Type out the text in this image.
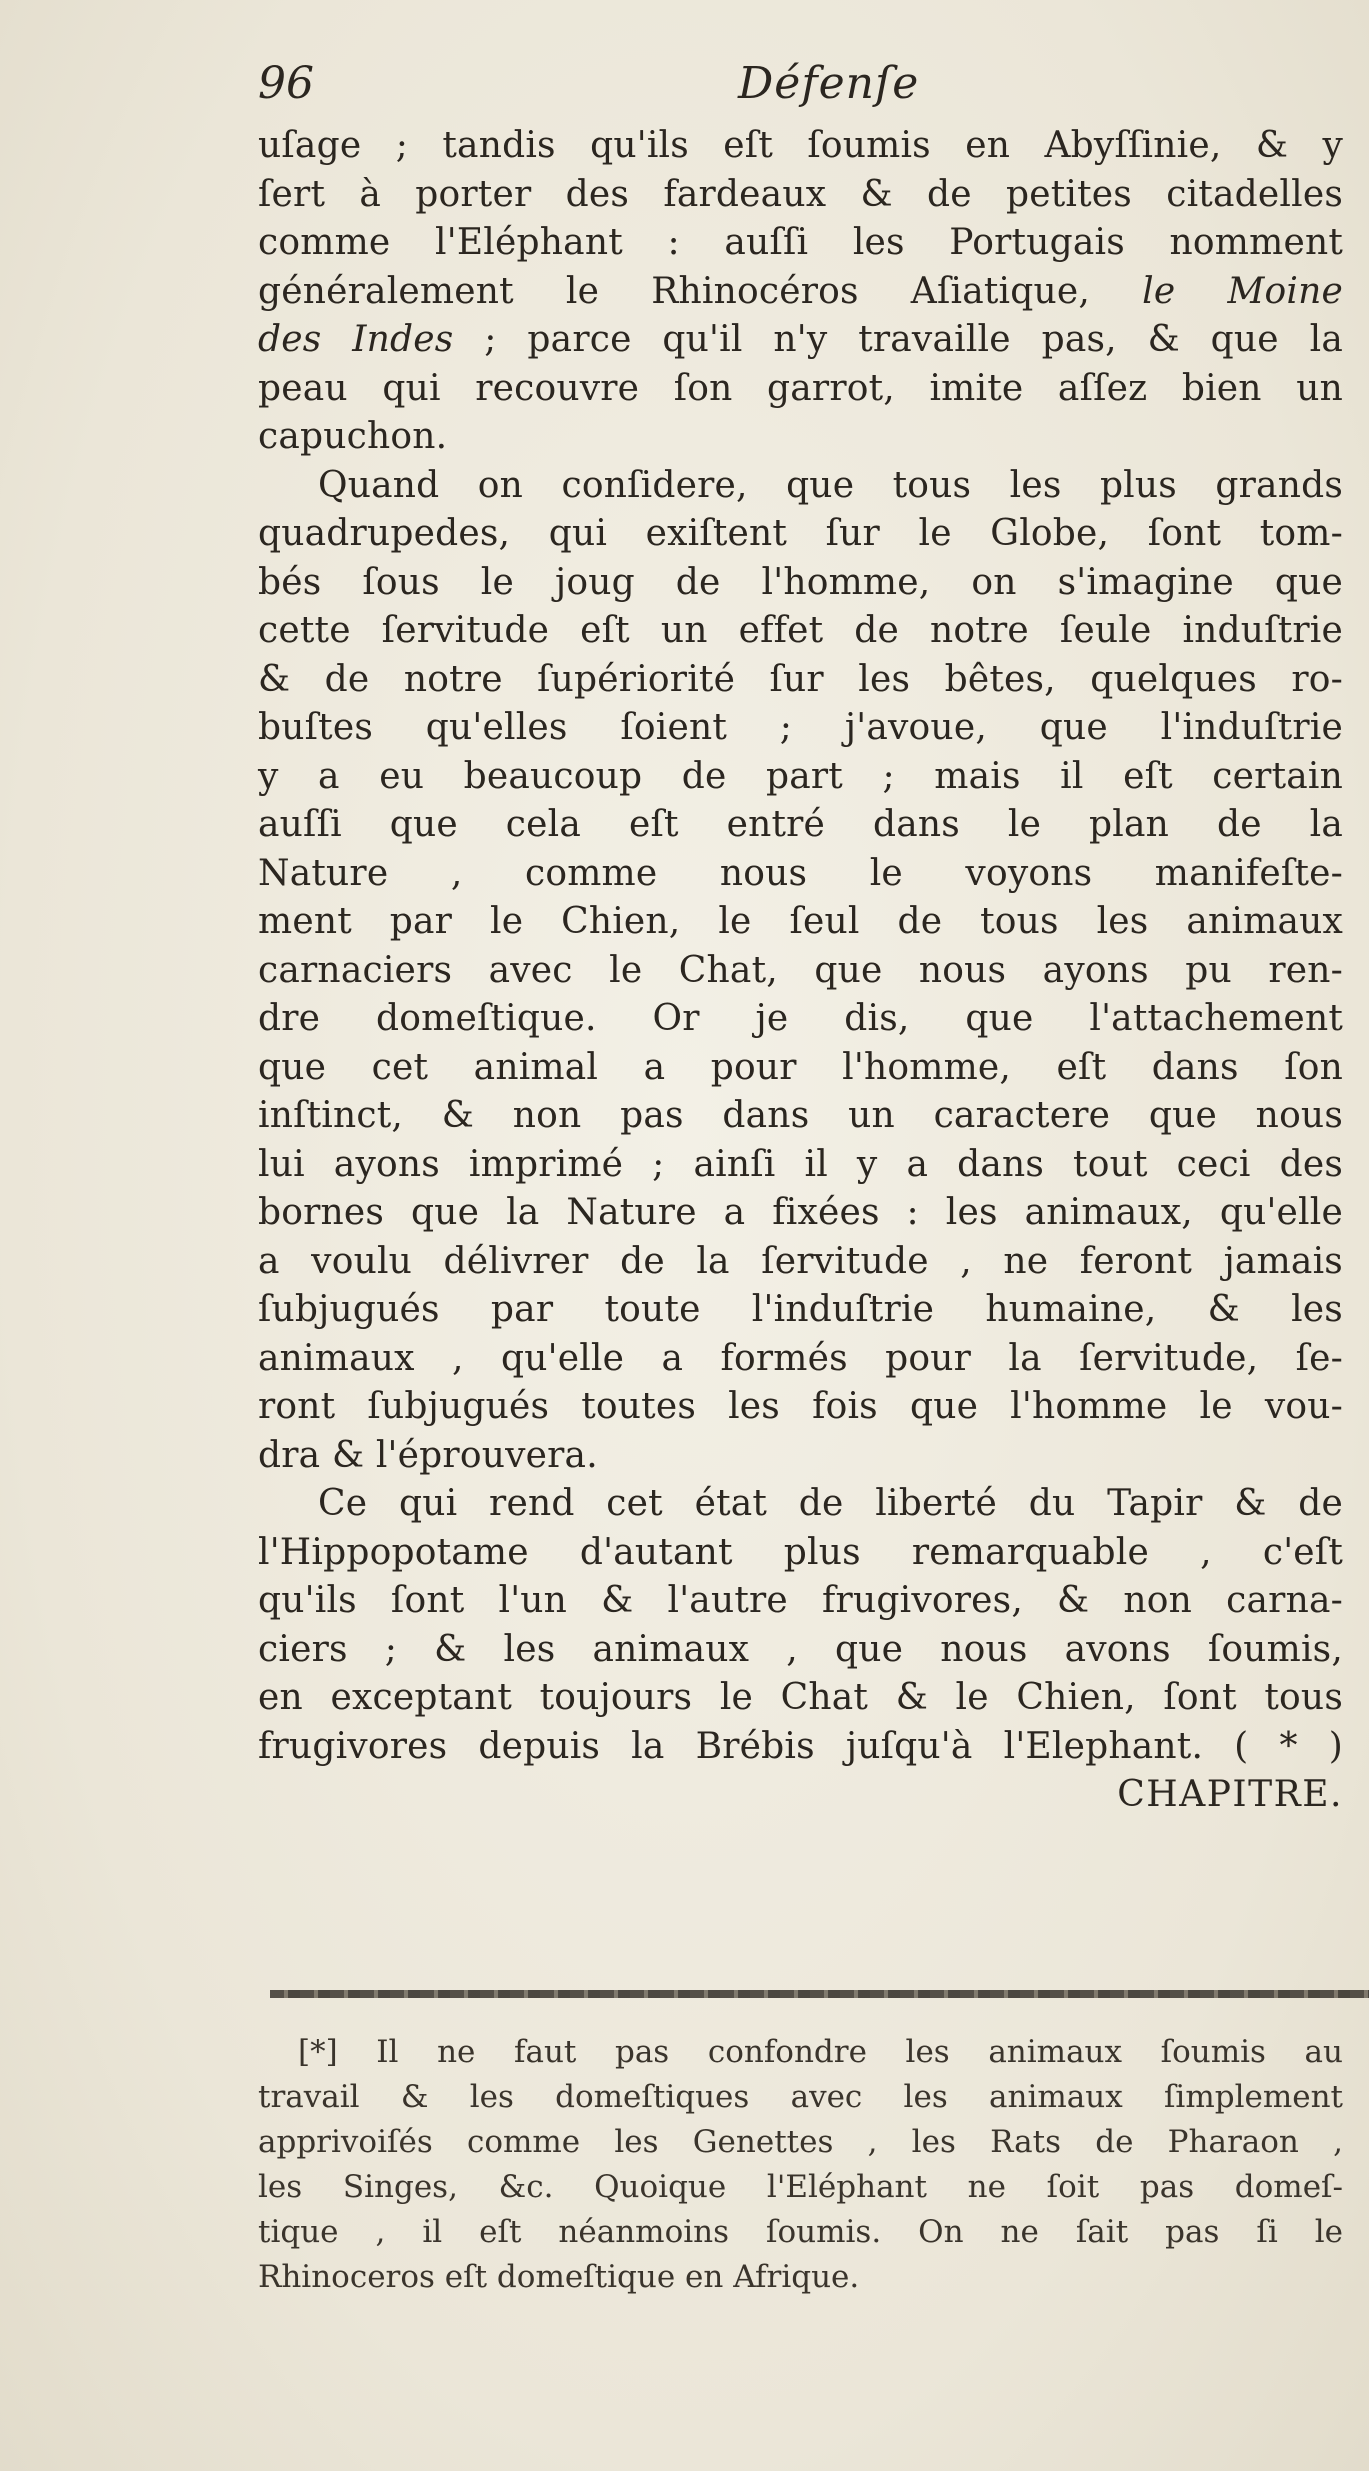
96	Défenſe
uſage ; tandis qu'ils eſt ſoumis en Abyſſinie, & y
ſert à porter des fardeaux & de petites citadelles
comme l'Eléphant : auſſi les Portugais nomment
généralement le Rhinocéros Aſiatique, le Moine
des Indes ; parce qu'il n'y travaille pas, & que la
peau qui recouvre ſon garrot, imite aſſez bien un
capuchon.
Quand on conſidere, que tous les plus grands
quadrupedes, qui exiſtent ſur le Globe, ſont tom-
bés ſous le joug de l'homme, on s'imagine que
cette ſervitude eſt un effet de notre ſeule induſtrie
& de notre ſupériorité ſur les bêtes, quelques ro-
buſtes qu'elles ſoient ; j'avoue, que l'induſtrie
y a eu beaucoup de part ; mais il eſt certain
auſſi que cela eſt entré dans le plan de la
Nature , comme nous le voyons manifeſte-
ment par le Chien, le ſeul de tous les animaux
carnaciers avec le Chat, que nous ayons pu ren-
dre domeſtique. Or je dis, que l'attachement
que cet animal a pour l'homme, eſt dans ſon
inſtinct, & non pas dans un caractere que nous
lui ayons imprimé ; ainſi il y a dans tout ceci des
bornes que la Nature a fixées : les animaux, qu'elle
a voulu délivrer de la ſervitude , ne feront jamais
ſubjugués par toute l'induſtrie humaine, & les
animaux , qu'elle a formés pour la ſervitude, ſe-
ront ſubjugués toutes les fois que l'homme le vou-
dra & l'éprouvera.
Ce qui rend cet état de liberté du Tapir & de
l'Hippopotame d'autant plus remarquable , c'eſt
qu'ils ſont l'un & l'autre frugivores, & non carna-
ciers ; & les animaux , que nous avons ſoumis,
en exceptant toujours le Chat & le Chien, ſont tous
frugivores depuis la Brébis juſqu'à l'Elephant. ( * )
CHAPITRE.
[*] Il ne faut pas confondre les animaux ſoumis au
travail & les domeſtiques avec les animaux ſimplement
apprivoiſés comme les Genettes , les Rats de Pharaon ,
les Singes, &c. Quoique l'Eléphant ne ſoit pas domeſ-
tique , il eſt néanmoins ſoumis. On ne ſait pas ſi le
Rhinoceros eſt domeſtique en Afrique.
